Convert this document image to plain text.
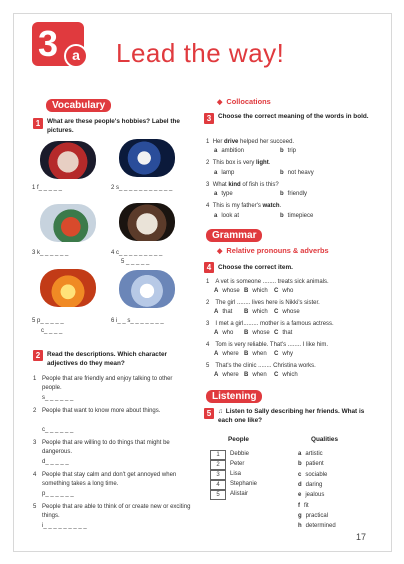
3	a	Lead the way!
Vocabulary
1	What are these people's hobbies? Label the pictures.
1 f_ _ _ _ _	2 s_ _ _ _ _ _ _ _ _ _ _
3 k_ _ _ _ _ _	4 c_ _ _ _ _ _ _ _ _
5 _ _ _ _ _
5 p_ _ _ _ _	6 i_ _ s_ _ _ _ _ _ _
c_ _ _ _
2	Read the descriptions. Which character adjectives do they mean?
1 People that are friendly and enjoy talking to other people.
s_ _ _ _ _ _
2 People that want to know more about things.
c_ _ _ _ _ _
3 People that are willing to do things that might be dangerous.
d_ _ _ _ _
4 People that stay calm and don't get annoyed when something takes a long time.
p_ _ _ _ _ _
5 People that are able to think of or create new or exciting things.
i_ _ _ _ _ _ _ _ _
◆ Collocations
3	Choose the correct meaning of the words in bold.
1 Her drive helped her succeed.
a ambition	b trip
2 This box is very light.
a lamp	b not heavy
3 What kind of fish is this?
a type	b friendly
4 This is my father's watch.
a look at	b timepiece
Grammar
◆ Relative pronouns & adverbs
4	Choose the correct item.
Listening
5	♫ Listen to Sally describing her friends. What is each one like?
People	Qualities
17
1 A vet is someone ........ treats sick animals.
A whose B which C who
2 The girl ........ lives here is Nikki's sister.
A that B which C whose
3 I met a girl......... mother is a famous actress.
A who B whose C that
4 Tom is very reliable. That's ........ I like him.
A where B when C why
5 That's the clinic ........ Christina works.
A where B when C which
1	Debbie
2	Peter
3	Lisa
4	Stephanie
5	Alistair
a artistic
b patient
c sociable
d daring
e jealous
f fit
g practical
h determined
